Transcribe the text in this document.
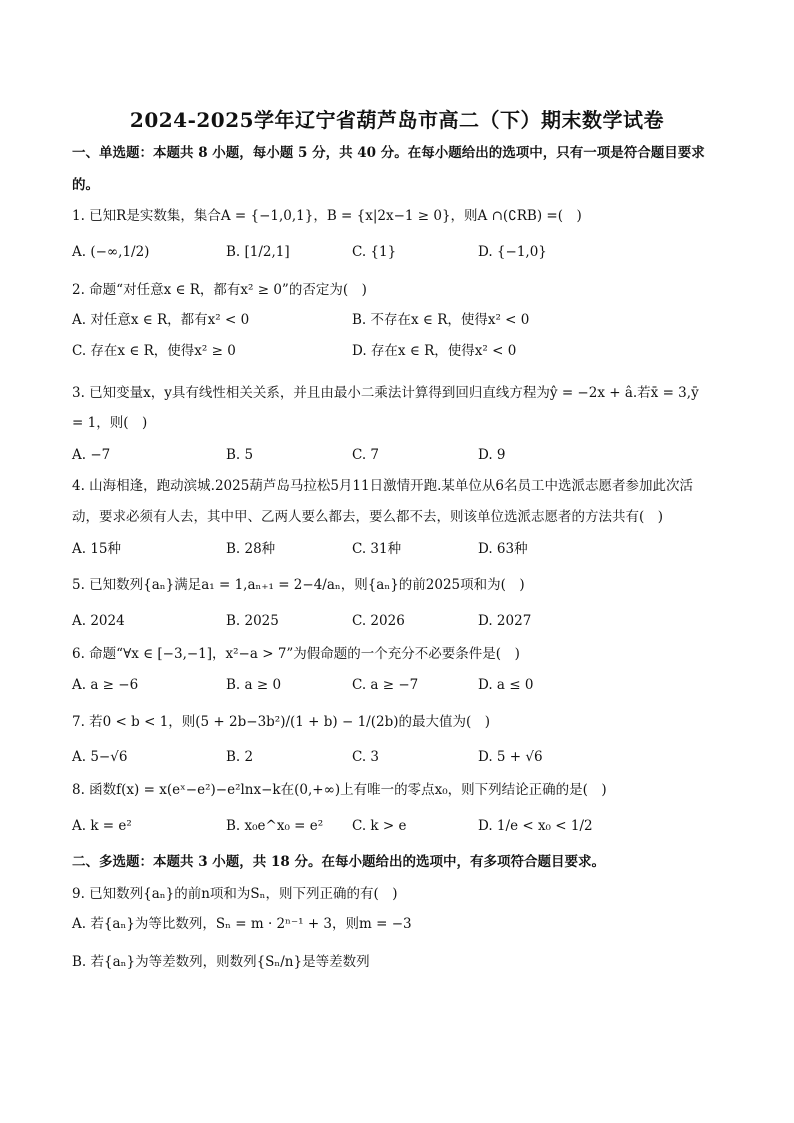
2024-2025学年辽宁省葫芦岛市高二（下）期末数学试卷
一、单选题：本题共 8 小题，每小题 5 分，共 40 分。在每小题给出的选项中，只有一项是符合题目要求
的。
1. 已知R是实数集，集合A = {−1,0,1}，B = {x|2x−1 ≥ 0}，则A ∩(∁RB) =(　)
A. (−∞,1/2)	B. [1/2,1]	C. {1}	D. {−1,0}
2. 命题“对任意x ∈ R，都有x² ≥ 0”的否定为(　)
A. 对任意x ∈ R，都有x² < 0	B. 不存在x ∈ R，使得x² < 0
C. 存在x ∈ R，使得x² ≥ 0	D. 存在x ∈ R，使得x² < 0
3. 已知变量x，y具有线性相关关系，并且由最小二乘法计算得到回归直线方程为ŷ = −2x + â.若x̄ = 3,ȳ
= 1，则(　)
A. −7	B. 5	C. 7	D. 9
4. 山海相逢，跑动滨城.2025葫芦岛马拉松5月11日激情开跑.某单位从6名员工中选派志愿者参加此次活
动，要求必须有人去，其中甲、乙两人要么都去，要么都不去，则该单位选派志愿者的方法共有(　)
A. 15种	B. 28种	C. 31种	D. 63种
5. 已知数列{aₙ}满足a₁ = 1,aₙ₊₁ = 2−4/aₙ，则{aₙ}的前2025项和为(　)
A. 2024	B. 2025	C. 2026	D. 2027
6. 命题“∀x ∈ [−3,−1]，x²−a > 7”为假命题的一个充分不必要条件是(　)
A. a ≥ −6	B. a ≥ 0	C. a ≥ −7	D. a ≤ 0
7. 若0 < b < 1，则(5 + 2b−3b²)/(1 + b) − 1/(2b)的最大值为(　)
A. 5−√6	B. 2	C. 3	D. 5 + √6
8. 函数f(x) = x(eˣ−e²)−e²lnx−k在(0,+∞)上有唯一的零点x₀，则下列结论正确的是(　)
A. k = e²	B. x₀e^x₀ = e² C. k > e	D. 1/e < x₀ < 1/2
二、多选题：本题共 3 小题，共 18 分。在每小题给出的选项中，有多项符合题目要求。
9. 已知数列{aₙ}的前n项和为Sₙ，则下列正确的有(　)
A. 若{aₙ}为等比数列，Sₙ = m · 2ⁿ⁻¹ + 3，则m = −3
B. 若{aₙ}为等差数列，则数列{Sₙ/n}是等差数列
